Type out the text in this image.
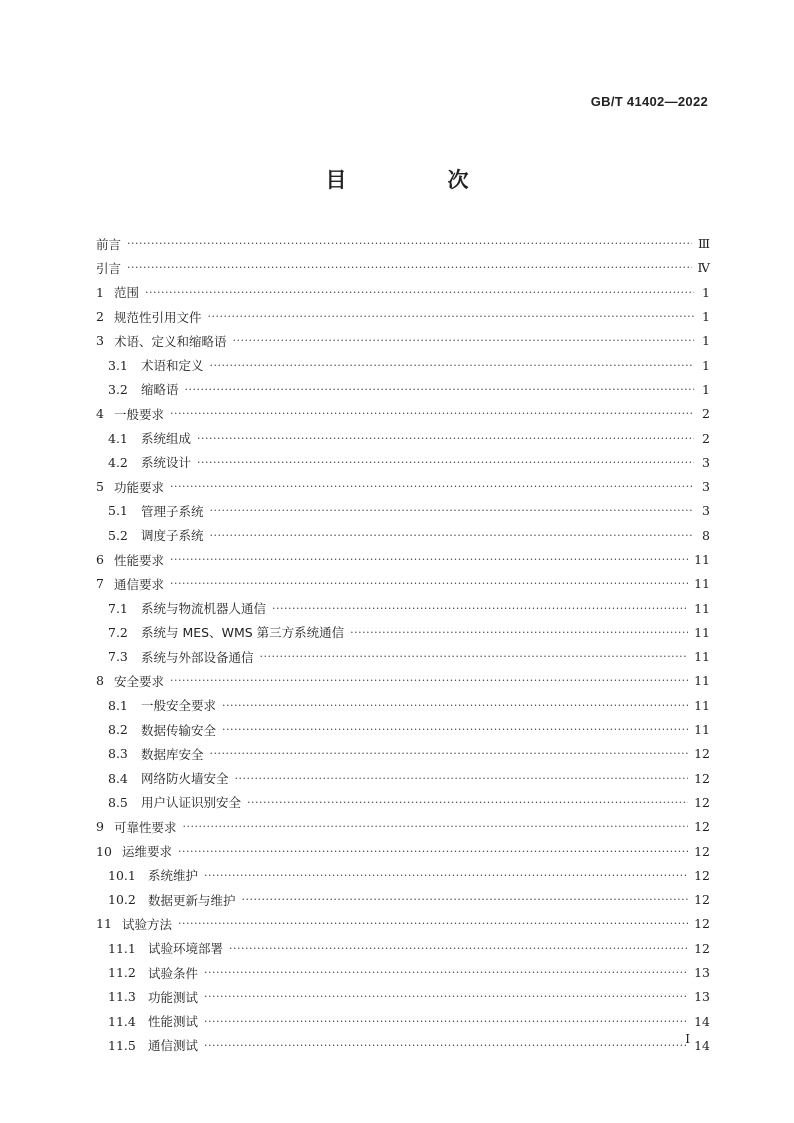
GB/T 41402—2022
目　次
前言 ·····	Ⅲ
引言 ·····	Ⅳ
1 范围 ·····	1
2 规范性引用文件 ·····	1
3 术语、定义和缩略语 ·····	1
3.1	术语和定义 ·····	1
3.2	缩略语 ·····	1
4 一般要求 ·····	2
4.1	系统组成 ·····	2
4.2	系统设计 ·····	3
5 功能要求 ·····	3
5.1	管理子系统 ·····	3
5.2	调度子系统 ·····	8
6 性能要求 ·····	11
7 通信要求 ·····	11
7.1	系统与物流机器人通信 ·····	11
7.2	系统与 MES、WMS 第三方系统通信 ·····	11
7.3	系统与外部设备通信 ·····	11
8 安全要求 ·····	11
8.1	一般安全要求 ·····	11
8.2	数据传输安全 ·····	11
8.3	数据库安全 ·····	12
8.4	网络防火墙安全 ·····	12
8.5	用户认证识别安全 ·····	12
9 可靠性要求 ·····	12
10 运维要求 ·····	12
10.1 系统维护 ·····	12
10.2 数据更新与维护 ·····	12
11 试验方法 ·····	12
11.1 试验环境部署 ·····	12
11.2 试验条件 ·····	13
11.3 功能测试 ·····	13
11.4 性能测试 ·····	14
11.5 通信测试 ·····	14
I
